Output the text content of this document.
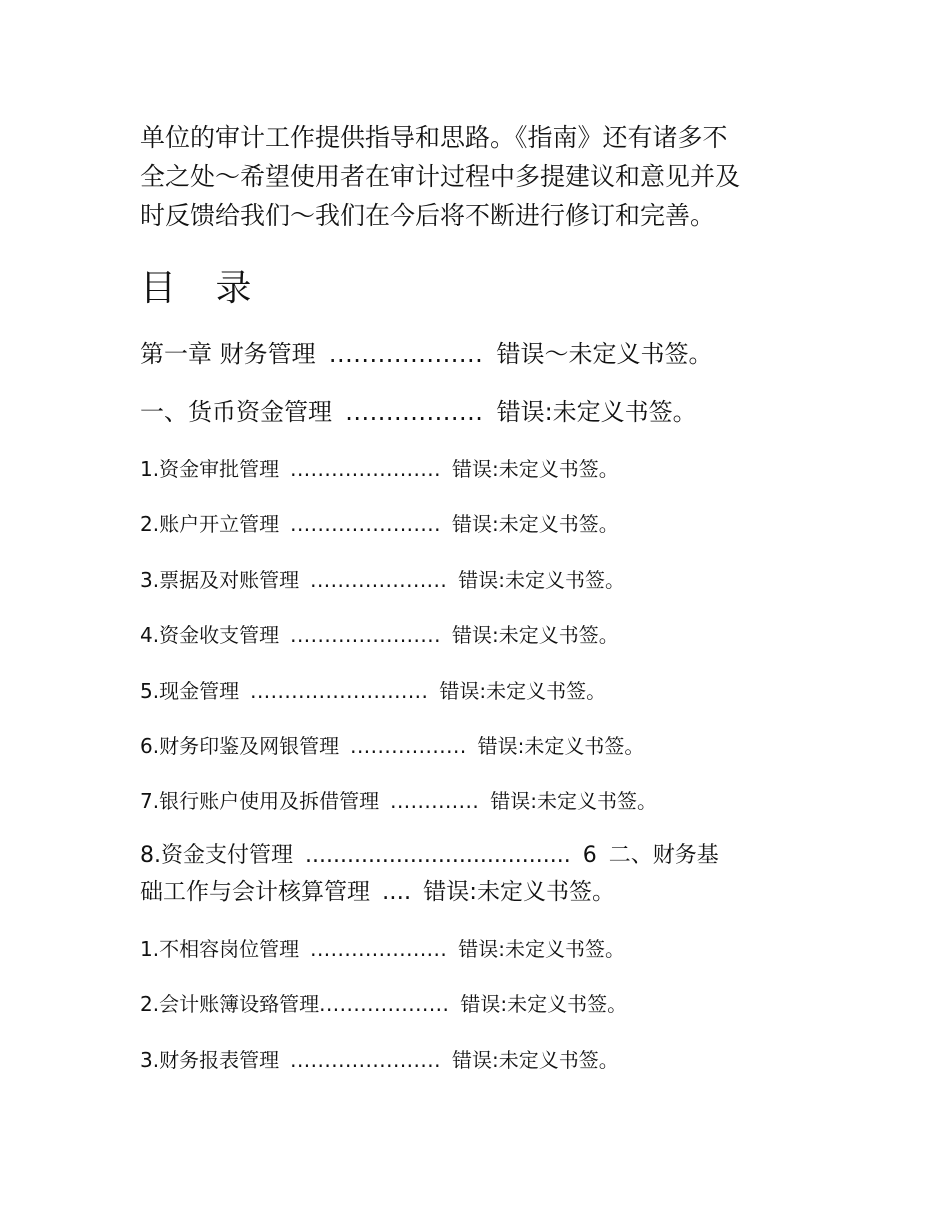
单位的审计工作提供指导和思路。《指南》还有诸多不
全之处～希望使用者在审计过程中多提建议和意见并及
时反馈给我们～我们在今后将不断进行修订和完善。
目 录

第一章 财务管理 ................... 错误～未定义书签。

一、货币资金管理 ................. 错误:未定义书签。

1.资金审批管理 ...................... 错误:未定义书签。

2.账户开立管理 ...................... 错误:未定义书签。

3.票据及对账管理 .................... 错误:未定义书签。

4.资金收支管理 ...................... 错误:未定义书签。

5.现金管理 .......................... 错误:未定义书签。

6.财务印鉴及网银管理 ................. 错误:未定义书签。

7.银行账户使用及拆借管理 ............. 错误:未定义书签。

8.资金支付管理 ...................................... 6 二、财务基
础工作与会计核算管理 .... 错误:未定义书签。

1.不相容岗位管理 .................... 错误:未定义书签。

2.会计账簿设臵管理................... 错误:未定义书签。

3.财务报表管理 ...................... 错误:未定义书签。
